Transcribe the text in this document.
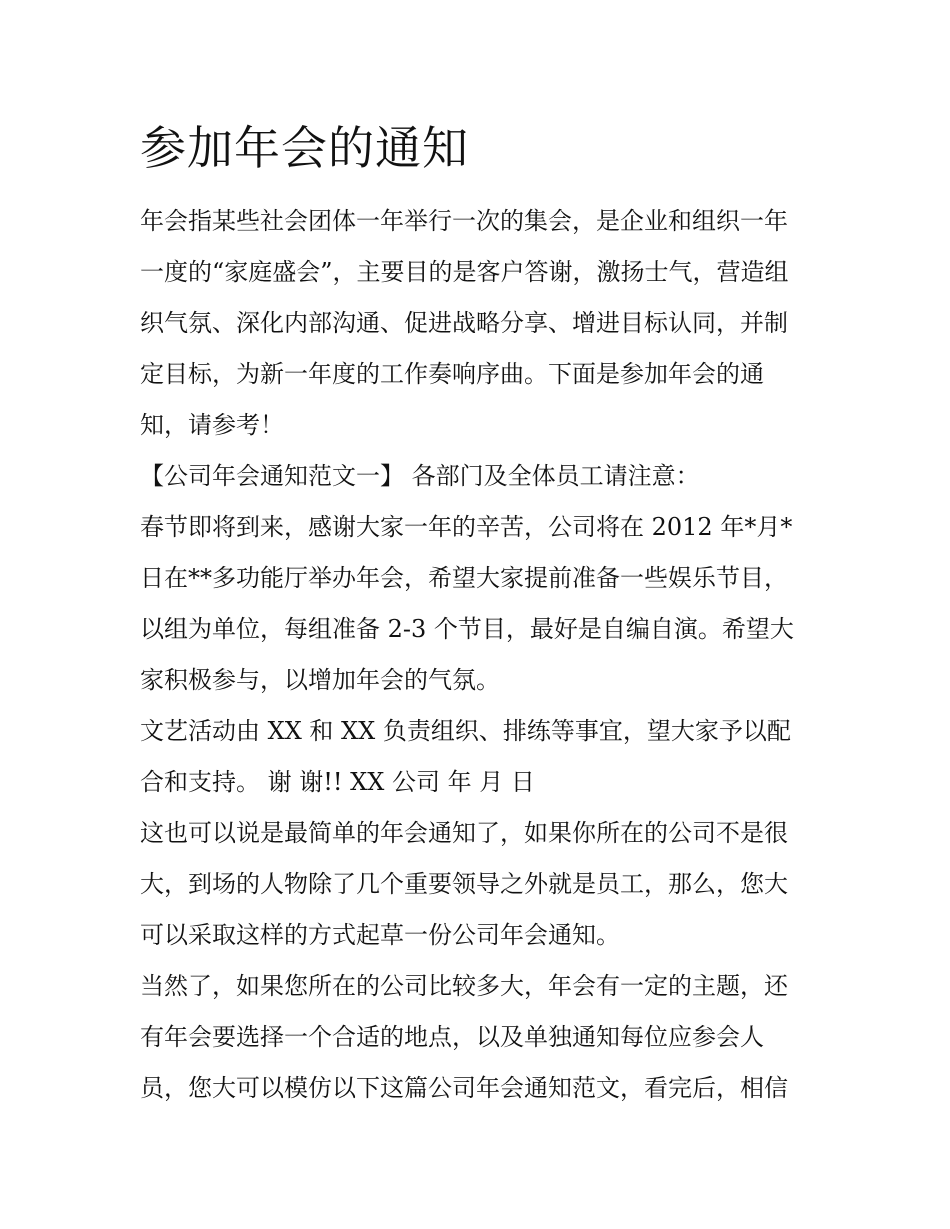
参加年会的通知
年会指某些社会团体一年举行一次的集会，是企业和组织一年
一度的“家庭盛会”，主要目的是客户答谢，激扬士气，营造组
织气氛、深化内部沟通、促进战略分享、增进目标认同，并制
定目标，为新一年度的工作奏响序曲。下面是参加年会的通
知，请参考！
【公司年会通知范文一】 各部门及全体员工请注意：
春节即将到来，感谢大家一年的辛苦，公司将在 2012 年*月*
日在**多功能厅举办年会，希望大家提前准备一些娱乐节目，
以组为单位，每组准备 2-3 个节目，最好是自编自演。希望大
家积极参与，以增加年会的气氛。
文艺活动由 XX 和 XX 负责组织、排练等事宜，望大家予以配
合和支持。 谢 谢!! XX 公司 年 月 日
这也可以说是最简单的年会通知了，如果你所在的公司不是很
大，到场的人物除了几个重要领导之外就是员工，那么，您大
可以采取这样的方式起草一份公司年会通知。
当然了，如果您所在的公司比较多大，年会有一定的主题，还
有年会要选择一个合适的地点，以及单独通知每位应参会人
员，您大可以模仿以下这篇公司年会通知范文，看完后，相信
